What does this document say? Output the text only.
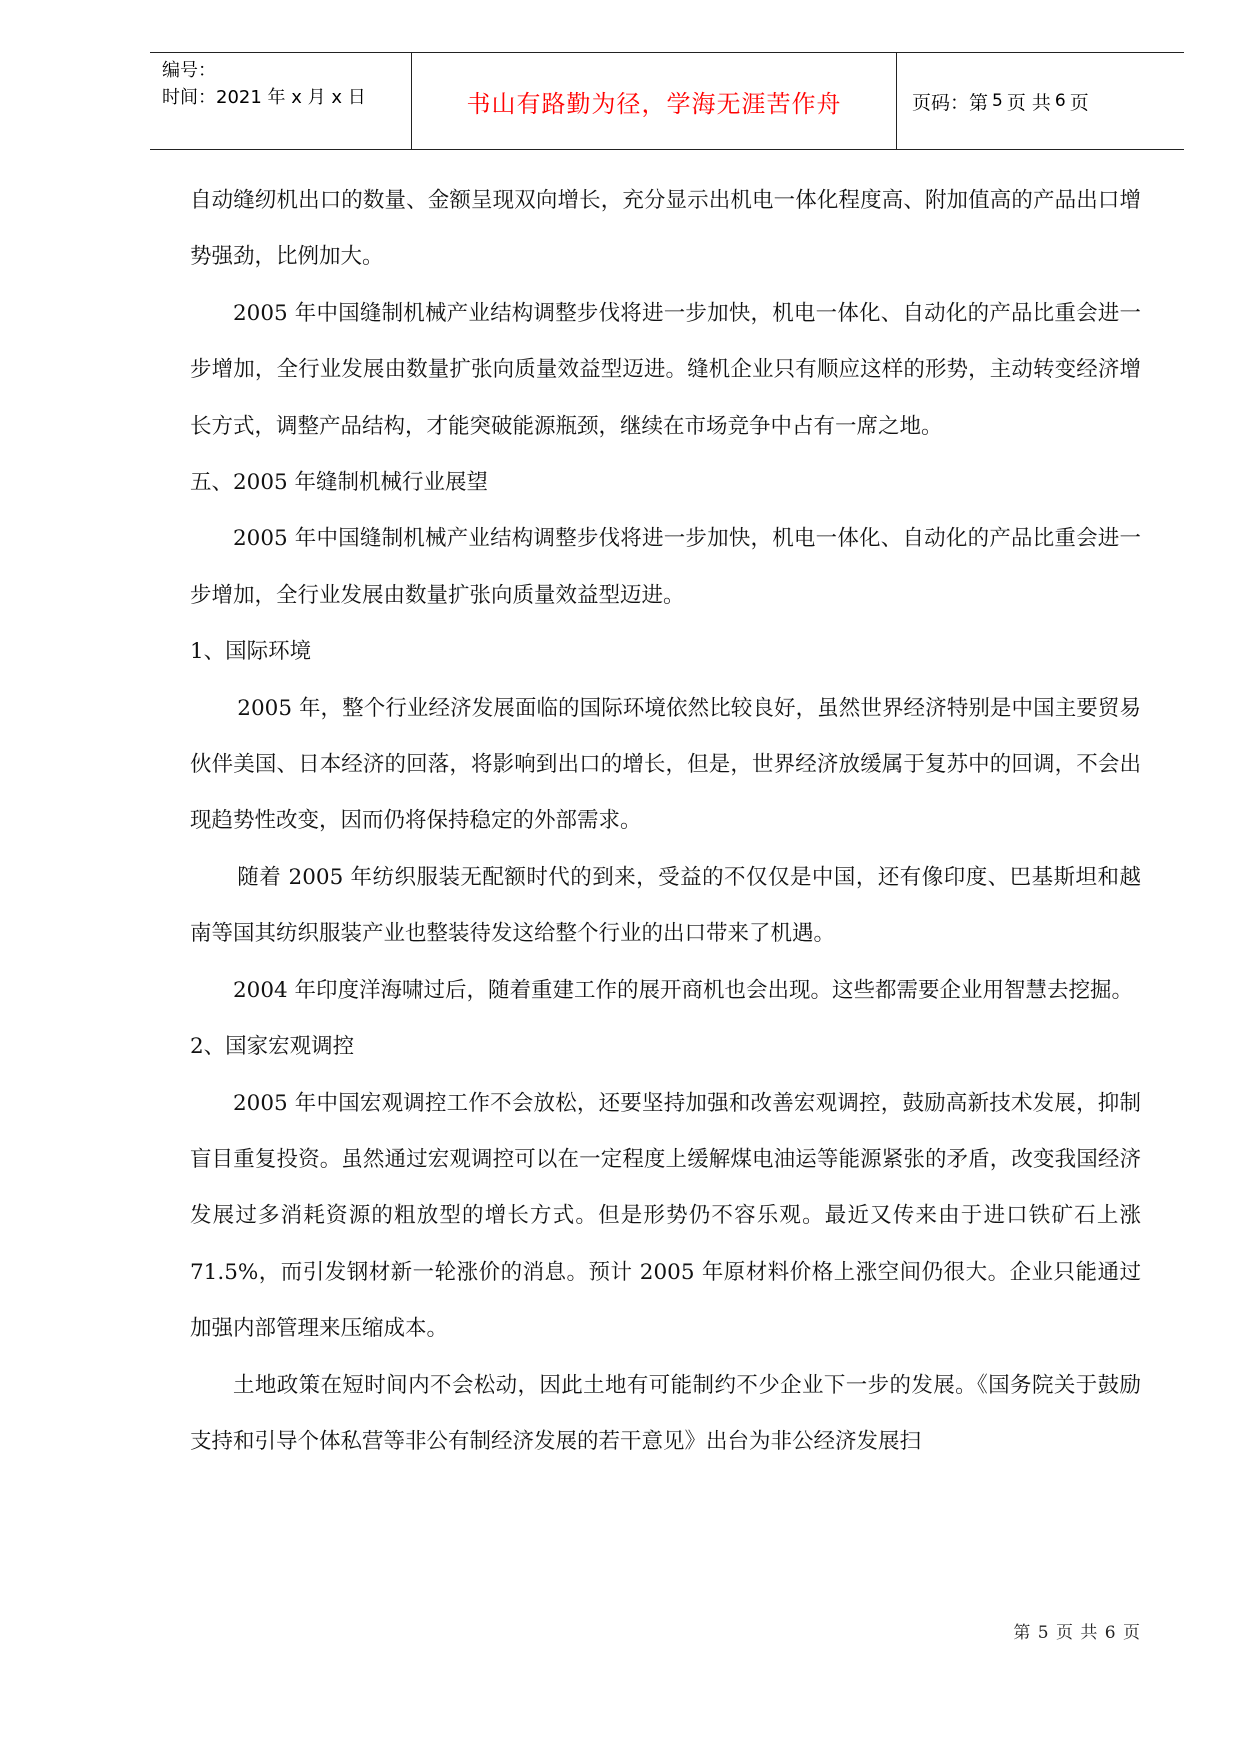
编号：
时间：2021 年 x 月 x 日	书山有路勤为径，学海无涯苦作舟	页码：第 5 页 共 6 页

自动缝纫机出口的数量、金额呈现双向增长，充分显示出机电一体化程度高、附加值高的产品出口增势强劲，比例加大。

2005 年中国缝制机械产业结构调整步伐将进一步加快，机电一体化、自动化的产品比重会进一步增加，全行业发展由数量扩张向质量效益型迈进。缝机企业只有顺应这样的形势，主动转变经济增长方式，调整产品结构，才能突破能源瓶颈，继续在市场竞争中占有一席之地。

五、2005 年缝制机械行业展望

2005 年中国缝制机械产业结构调整步伐将进一步加快，机电一体化、自动化的产品比重会进一步增加，全行业发展由数量扩张向质量效益型迈进。

1、国际环境

2005 年，整个行业经济发展面临的国际环境依然比较良好，虽然世界经济特别是中国主要贸易伙伴美国、日本经济的回落，将影响到出口的增长，但是，世界经济放缓属于复苏中的回调，不会出现趋势性改变，因而仍将保持稳定的外部需求。

随着 2005 年纺织服装无配额时代的到来，受益的不仅仅是中国，还有像印度、巴基斯坦和越南等国其纺织服装产业也整装待发这给整个行业的出口带来了机遇。

2004 年印度洋海啸过后，随着重建工作的展开商机也会出现。这些都需要企业用智慧去挖掘。

2、国家宏观调控

2005 年中国宏观调控工作不会放松，还要坚持加强和改善宏观调控，鼓励高新技术发展，抑制盲目重复投资。虽然通过宏观调控可以在一定程度上缓解煤电油运等能源紧张的矛盾，改变我国经济发展过多消耗资源的粗放型的增长方式。但是形势仍不容乐观。最近又传来由于进口铁矿石上涨 71.5%，而引发钢材新一轮涨价的消息。预计 2005 年原材料价格上涨空间仍很大。企业只能通过加强内部管理来压缩成本。

土地政策在短时间内不会松动，因此土地有可能制约不少企业下一步的发展。《国务院关于鼓励支持和引导个体私营等非公有制经济发展的若干意见》出台为非公经济发展扫

第 5 页 共 6 页
